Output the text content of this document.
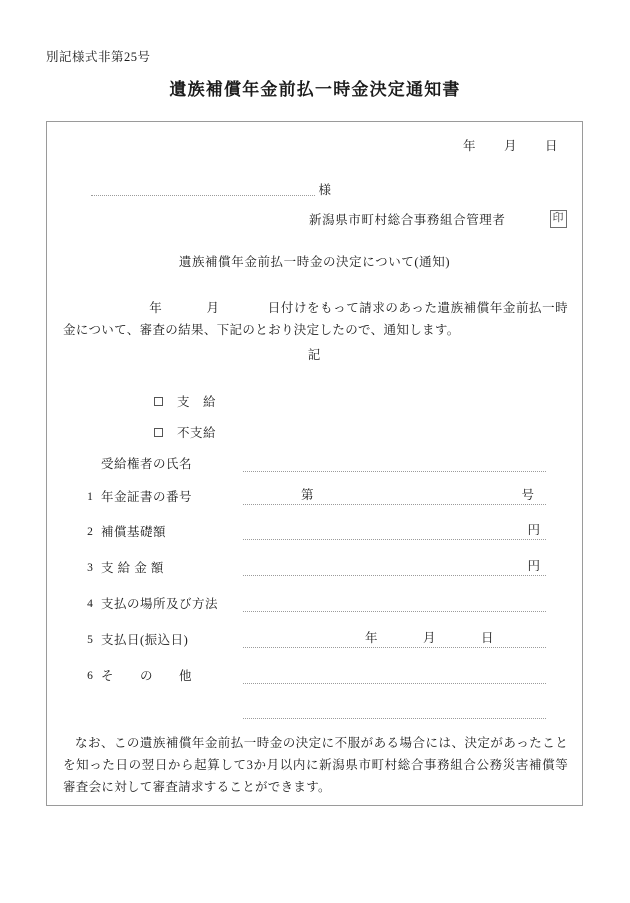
別記様式非第25号
遺族補償年金前払一時金決定通知書
年 月 日
様
新潟県市町村総合事務組合管理者	印
遺族補償年金前払一時金の決定について(通知)
年	月	日付けをもって請求のあった遺族補償年金前払一時金について、審査の結果、下記のとおり決定したので、通知します。
記
支　給
不支給
受給権者の氏名
1 年金証書の番号	第	号
2 補償基礎額	円
3 支 給 金 額	円
4 支払の場所及び方法
5 支払日(振込日)	年	月	日
6 そ　　の　　他
なお、この遺族補償年金前払一時金の決定に不服がある場合には、決定があったことを知った日の翌日から起算して3か月以内に新潟県市町村総合事務組合公務災害補償等審査会に対して審査請求することができます。
